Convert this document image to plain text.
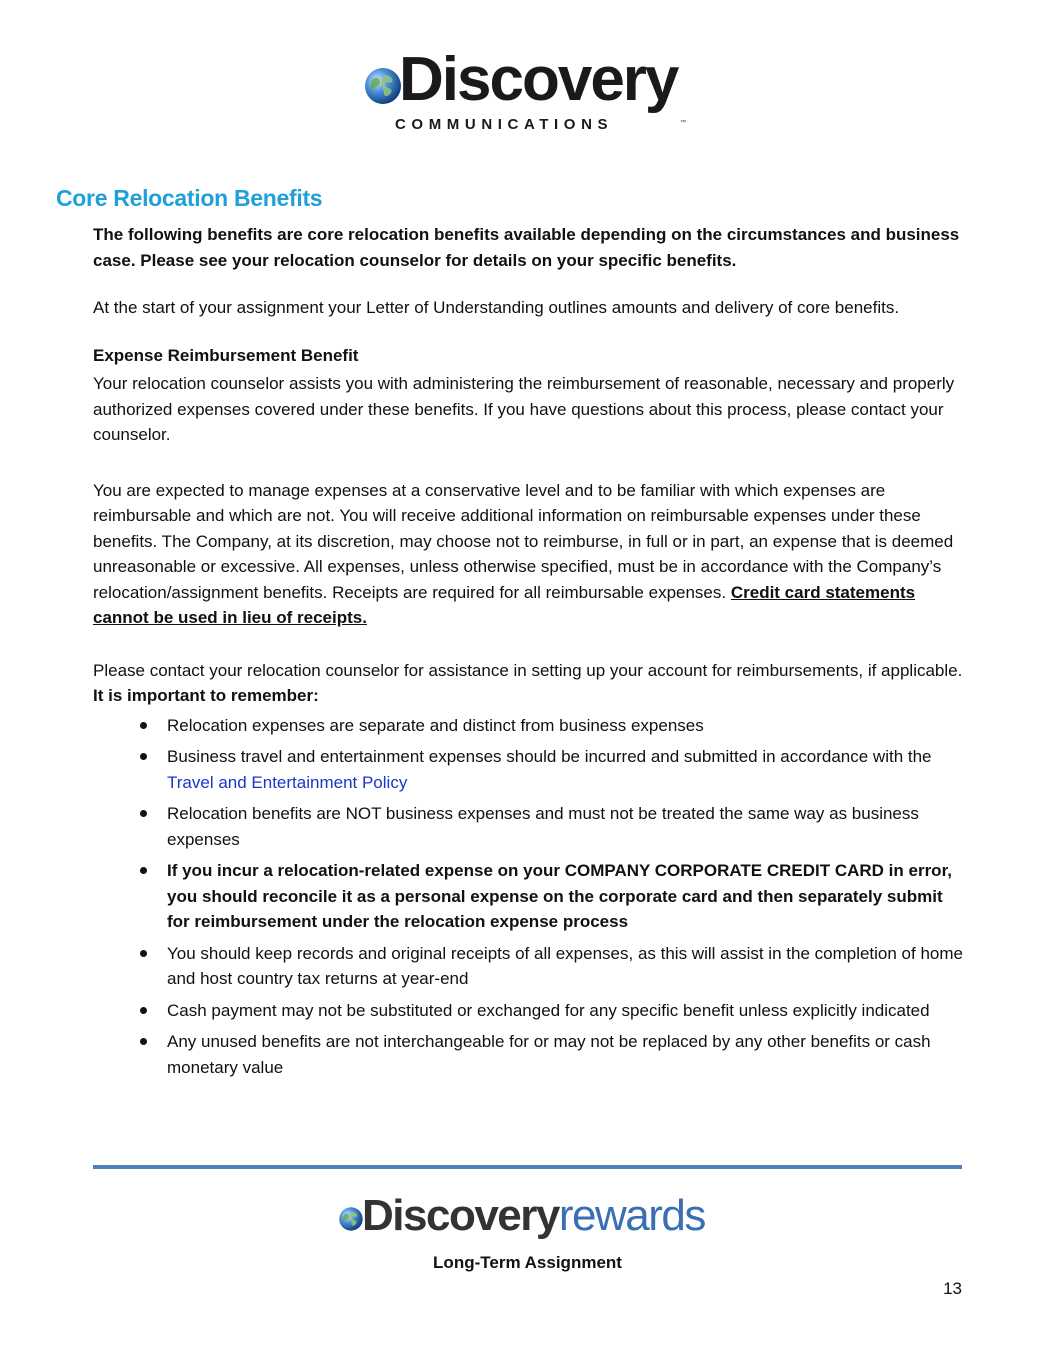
Discovery
COMMUNICATIONS	™
Core Relocation Benefits

The following benefits are core relocation benefits available depending on the circumstances and business case. Please see your relocation counselor for details on your specific benefits.

At the start of your assignment your Letter of Understanding outlines amounts and delivery of core benefits.

Expense Reimbursement Benefit

Your relocation counselor assists you with administering the reimbursement of reasonable, necessary and properly authorized expenses covered under these benefits. If you have questions about this process, please contact your counselor.

You are expected to manage expenses at a conservative level and to be familiar with which expenses are reimbursable and which are not. You will receive additional information on reimbursable expenses under these benefits. The Company, at its discretion, may choose not to reimburse, in full or in part, an expense that is deemed unreasonable or excessive. All expenses, unless otherwise specified, must be in accordance with the Company’s relocation/assignment benefits. Receipts are required for all reimbursable expenses. Credit card statements cannot be used in lieu of receipts.

Please contact your relocation counselor for assistance in setting up your account for reimbursements, if applicable. It is important to remember:

Relocation expenses are separate and distinct from business expenses
Business travel and entertainment expenses should be incurred and submitted in accordance with the Travel and Entertainment Policy
Relocation benefits are NOT business expenses and must not be treated the same way as business expenses
If you incur a relocation-related expense on your COMPANY CORPORATE CREDIT CARD in error, you should reconcile it as a personal expense on the corporate card and then separately submit for reimbursement under the relocation expense process
You should keep records and original receipts of all expenses, as this will assist in the completion of home and host country tax returns at year-end
Cash payment may not be substituted or exchanged for any specific benefit unless explicitly indicated
Any unused benefits are not interchangeable for or may not be replaced by any other benefits or cash monetary value
Discoveryrewards
Long-Term Assignment
13
